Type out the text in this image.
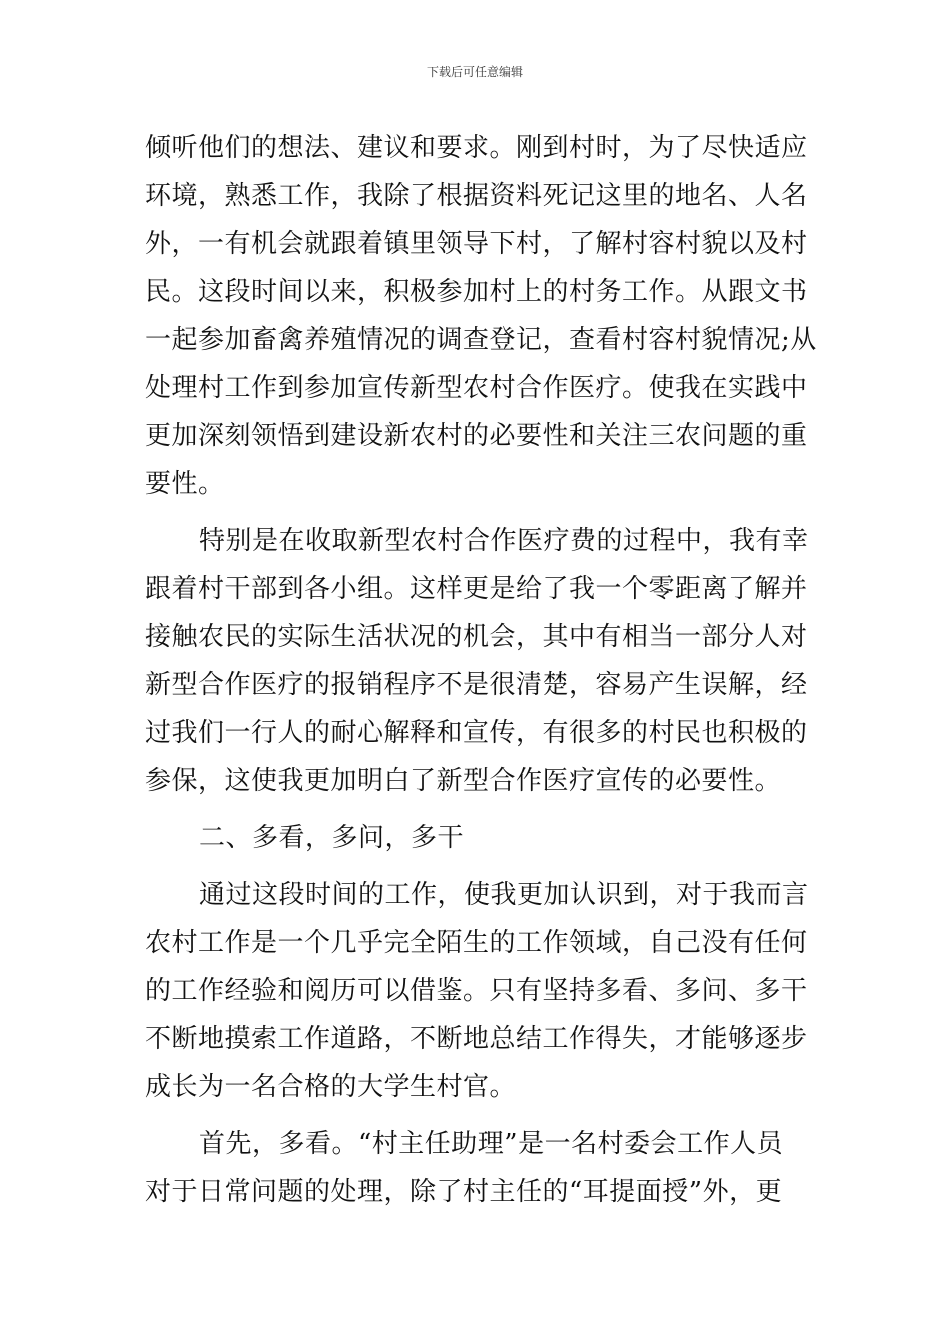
下载后可任意编辑
倾听他们的想法、建议和要求。刚到村时，为了尽快适应
环境，熟悉工作，我除了根据资料死记这里的地名、人名
外，一有机会就跟着镇里领导下村，了解村容村貌以及村
民。这段时间以来，积极参加村上的村务工作。从跟文书
一起参加畜禽养殖情况的调查登记，查看村容村貌情况;从
处理村工作到参加宣传新型农村合作医疗。使我在实践中
更加深刻领悟到建设新农村的必要性和关注三农问题的重
要性。
特别是在收取新型农村合作医疗费的过程中，我有幸
跟着村干部到各小组。这样更是给了我一个零距离了解并
接触农民的实际生活状况的机会，其中有相当一部分人对
新型合作医疗的报销程序不是很清楚，容易产生误解，经
过我们一行人的耐心解释和宣传，有很多的村民也积极的
参保，这使我更加明白了新型合作医疗宣传的必要性。
二、多看，多问，多干
通过这段时间的工作，使我更加认识到，对于我而言
农村工作是一个几乎完全陌生的工作领域，自己没有任何
的工作经验和阅历可以借鉴。只有坚持多看、多问、多干
不断地摸索工作道路，不断地总结工作得失，才能够逐步
成长为一名合格的大学生村官。
首先，多看。“村主任助理”是一名村委会工作人员
对于日常问题的处理，除了村主任的“耳提面授”外，更
